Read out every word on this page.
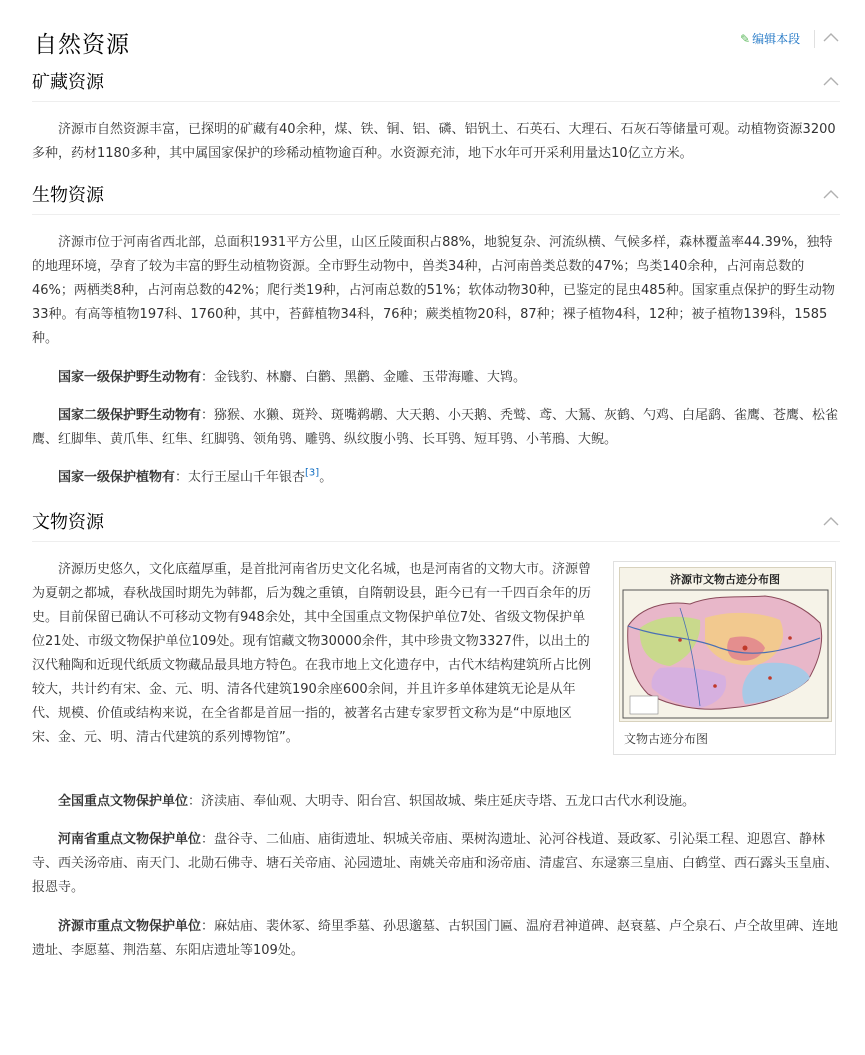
自然资源	✎ 编辑本段
矿藏资源

济源市自然资源丰富，已探明的矿藏有40余种，煤、铁、铜、铝、磷、铝钒土、石英石、大理石、石灰石等储量可观。动植物资源3200多种，药材1180多种，其中属国家保护的珍稀动植物逾百种。水资源充沛，地下水年可开采利用量达10亿立方米。

生物资源

济源市位于河南省西北部，总面积1931平方公里，山区丘陵面积占88%，地貌复杂、河流纵横、气候多样，森林覆盖率44.39%，独特的地理环境，孕育了较为丰富的野生动植物资源。全市野生动物中，兽类34种，占河南兽类总数的47%；鸟类140余种，占河南总数的46%；两栖类8种，占河南总数的42%；爬行类19种，占河南总数的51%；软体动物30种，已鉴定的昆虫485种。国家重点保护的野生动物33种。有高等植物197科、1760种，其中，苔藓植物34科，76种；蕨类植物20科，87种；裸子植物4科，12种；被子植物139科，1585种。

国家一级保护野生动物有：金钱豹、林麝、白鹳、黑鹳、金雕、玉带海雕、大鸨。

国家二级保护野生动物有：猕猴、水獭、斑羚、斑嘴鹈鹕、大天鹅、小天鹅、秃鹫、鸢、大鵟、灰鹤、勺鸡、白尾鹞、雀鹰、苍鹰、松雀鹰、红脚隼、黄爪隼、红隼、红脚鸮、领角鸮、雕鸮、纵纹腹小鸮、长耳鸮、短耳鸮、小苇鳽、大鲵。

国家一级保护植物有：太行王屋山千年银杏[3]。

文物资源

济源历史悠久，文化底蕴厚重，是首批河南省历史文化名城，也是河南省的文物大市。济源曾为夏朝之都城，春秋战国时期先为韩都，后为魏之重镇，自隋朝设县，距今已有一千四百余年的历史。目前保留已确认不可移动文物有948余处，其中全国重点文物保护单位7处、省级文物保护单位21处、市级文物保护单位109处。现有馆藏文物30000余件，其中珍贵文物3327件，以出土的汉代釉陶和近现代纸质文物藏品最具地方特色。在我市地上文化遗存中，古代木结构建筑所占比例较大，共计约有宋、金、元、明、清各代建筑190余座600余间，并且许多单体建筑无论是从年代、规模、价值或结构来说，在全省都是首屈一指的，被著名古建专家罗哲文称为是“中原地区宋、金、元、明、清古代建筑的系列博物馆”。

济源市文物古迹分布图
文物古迹分布图

全国重点文物保护单位：济渎庙、奉仙观、大明寺、阳台宫、轵国故城、柴庄延庆寺塔、五龙口古代水利设施。

河南省重点文物保护单位：盘谷寺、二仙庙、庙街遗址、轵城关帝庙、栗树沟遗址、沁河谷栈道、聂政冢、引沁渠工程、迎恩宫、静林寺、西关汤帝庙、南天门、北勋石佛寺、塘石关帝庙、沁园遗址、南姚关帝庙和汤帝庙、清虚宫、东逯寨三皇庙、白鹤堂、西石露头玉皇庙、报恩寺。

济源市重点文物保护单位：麻姑庙、裴休冢、绮里季墓、孙思邈墓、古轵国门匾、温府君神道碑、赵衰墓、卢仝泉石、卢仝故里碑、连地遗址、李愿墓、荆浩墓、东阳店遗址等109处。
